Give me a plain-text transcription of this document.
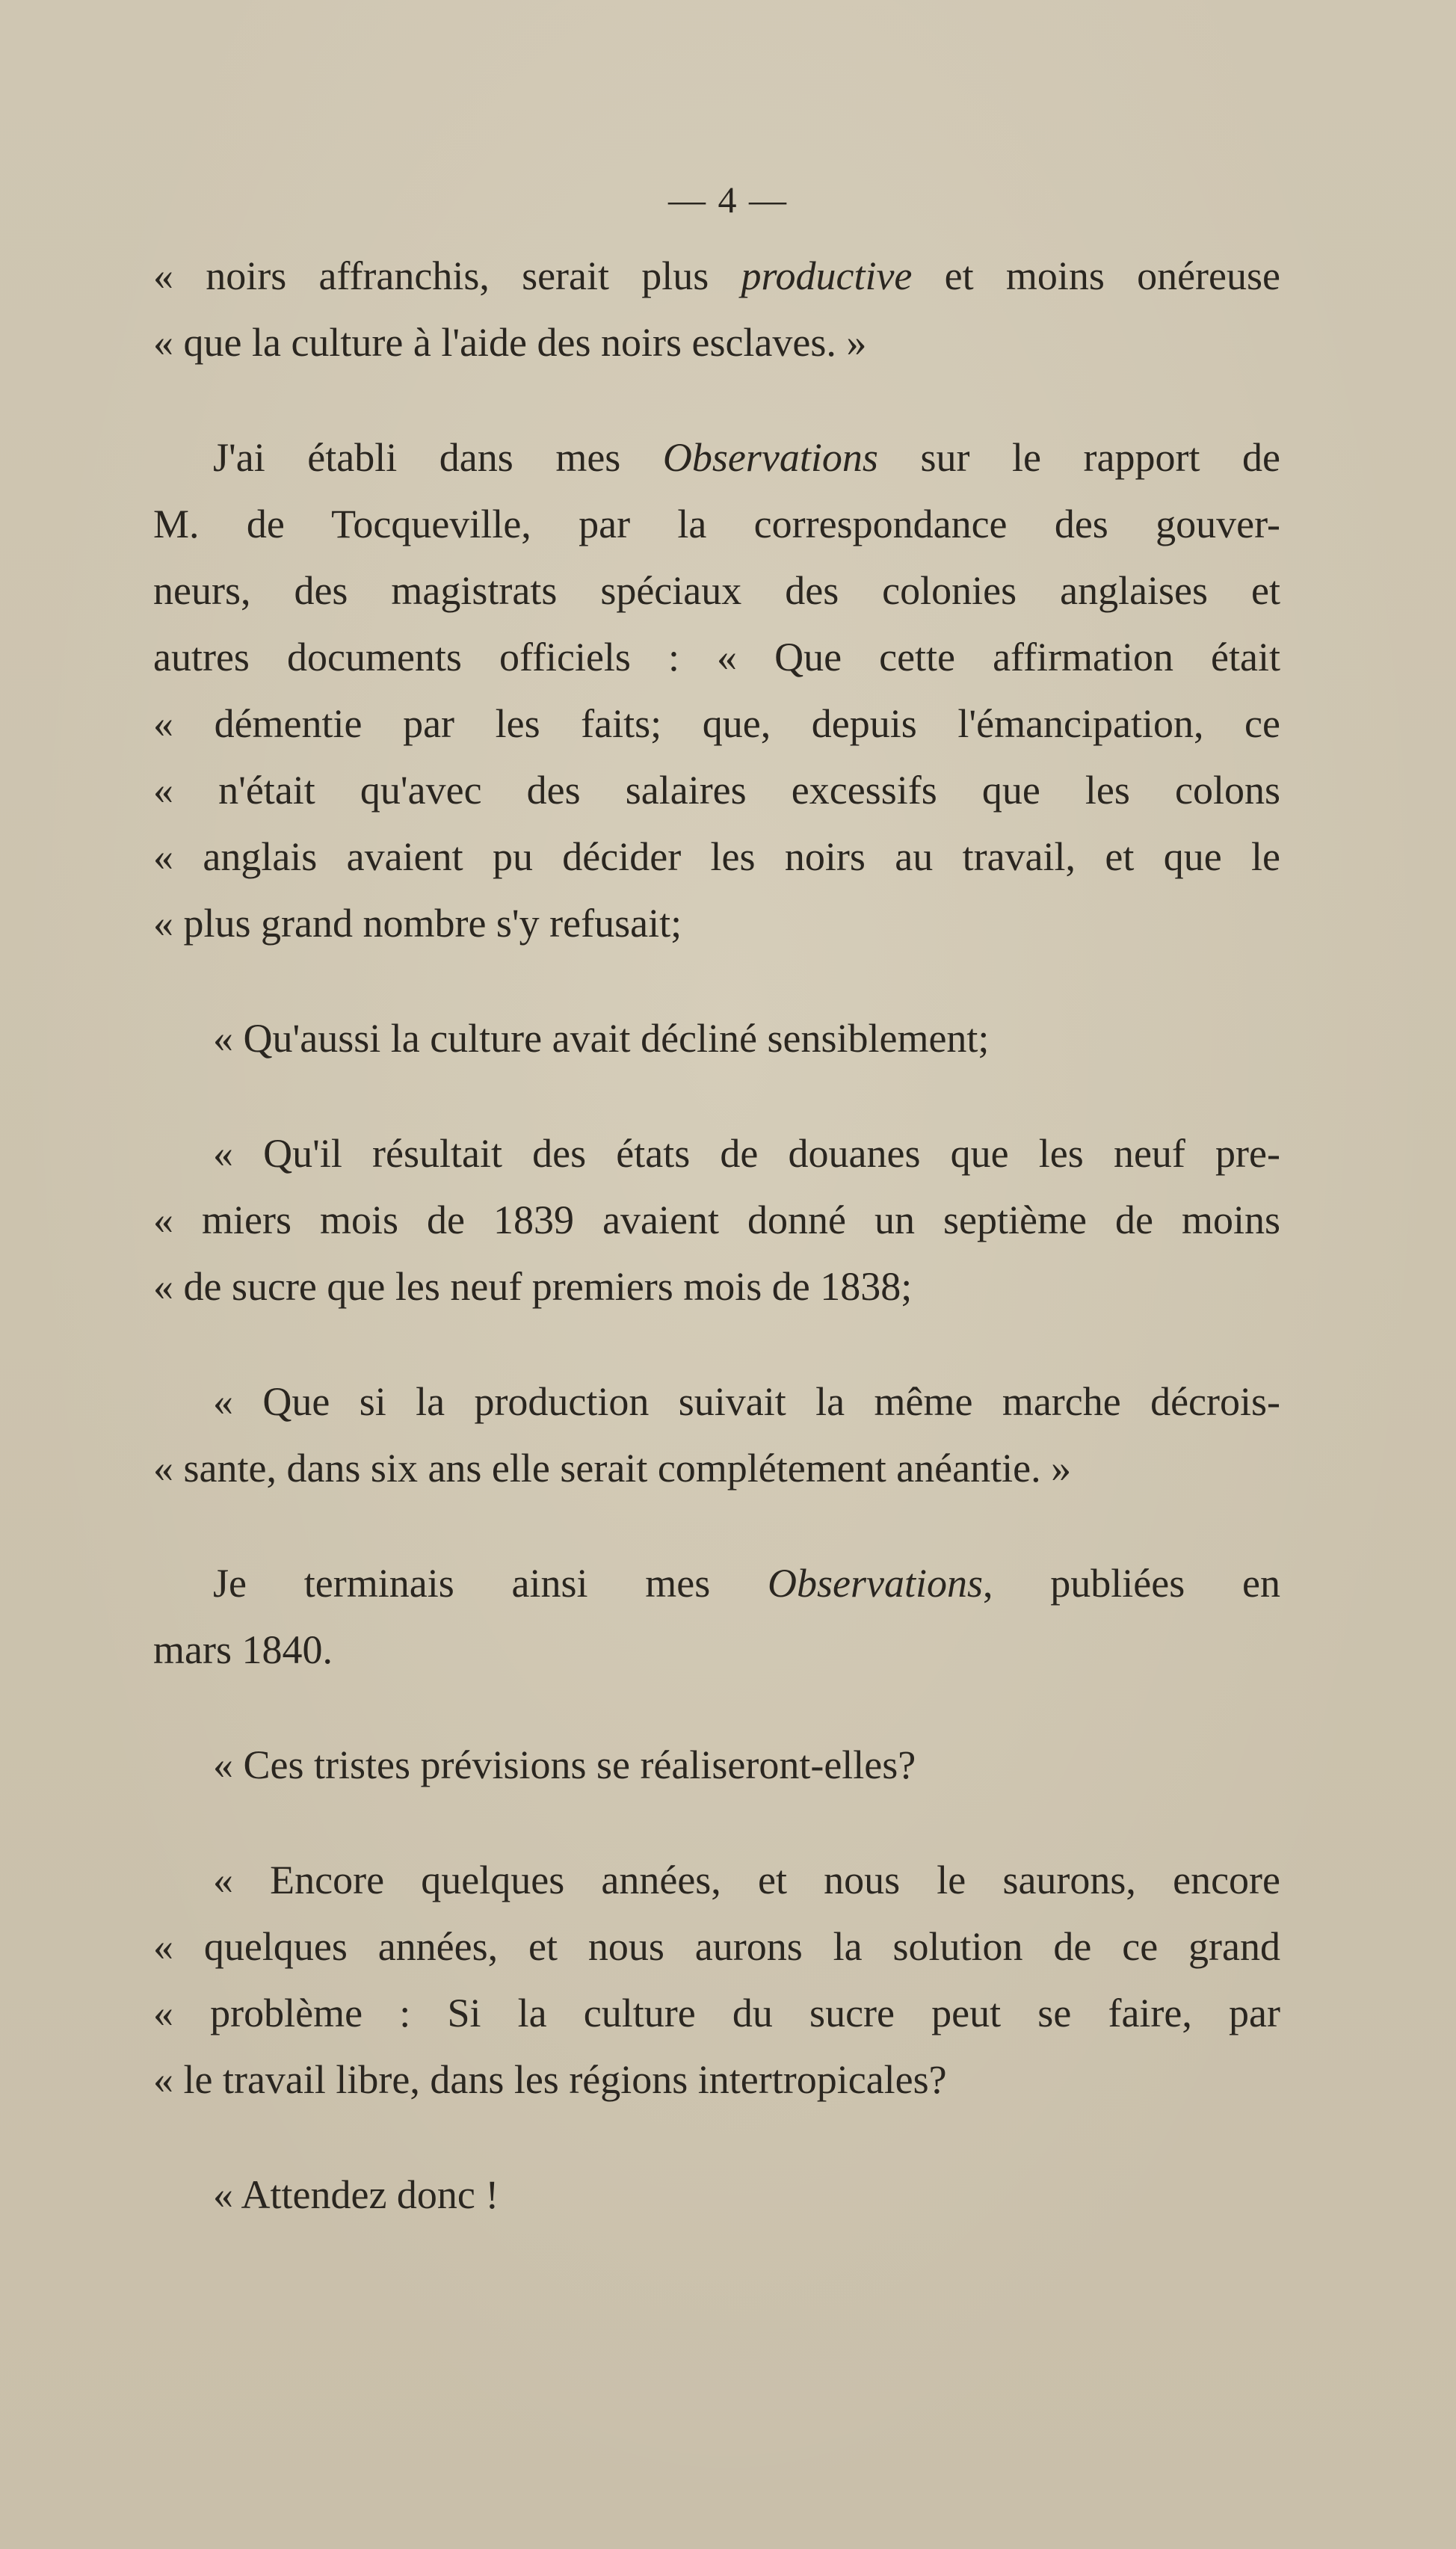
— 4 —
« noirs affranchis, serait plus productive et moins onéreuse
« que la culture à l'aide des noirs esclaves. »
J'ai établi dans mes Observations sur le rapport de
M. de Tocqueville, par la correspondance des gouver-
neurs, des magistrats spéciaux des colonies anglaises et
autres documents officiels : « Que cette affirmation était
« démentie par les faits; que, depuis l'émancipation, ce
« n'était qu'avec des salaires excessifs que les colons
« anglais avaient pu décider les noirs au travail, et que le
« plus grand nombre s'y refusait;
« Qu'aussi la culture avait décliné sensiblement;
« Qu'il résultait des états de douanes que les neuf pre-
« miers mois de 1839 avaient donné un septième de moins
« de sucre que les neuf premiers mois de 1838;
« Que si la production suivait la même marche décrois-
« sante, dans six ans elle serait complétement anéantie. »
Je terminais ainsi mes Observations, publiées en
mars 1840.
« Ces tristes prévisions se réaliseront-elles?
« Encore quelques années, et nous le saurons, encore
« quelques années, et nous aurons la solution de ce grand
« problème : Si la culture du sucre peut se faire, par
« le travail libre, dans les régions intertropicales?
« Attendez donc !
